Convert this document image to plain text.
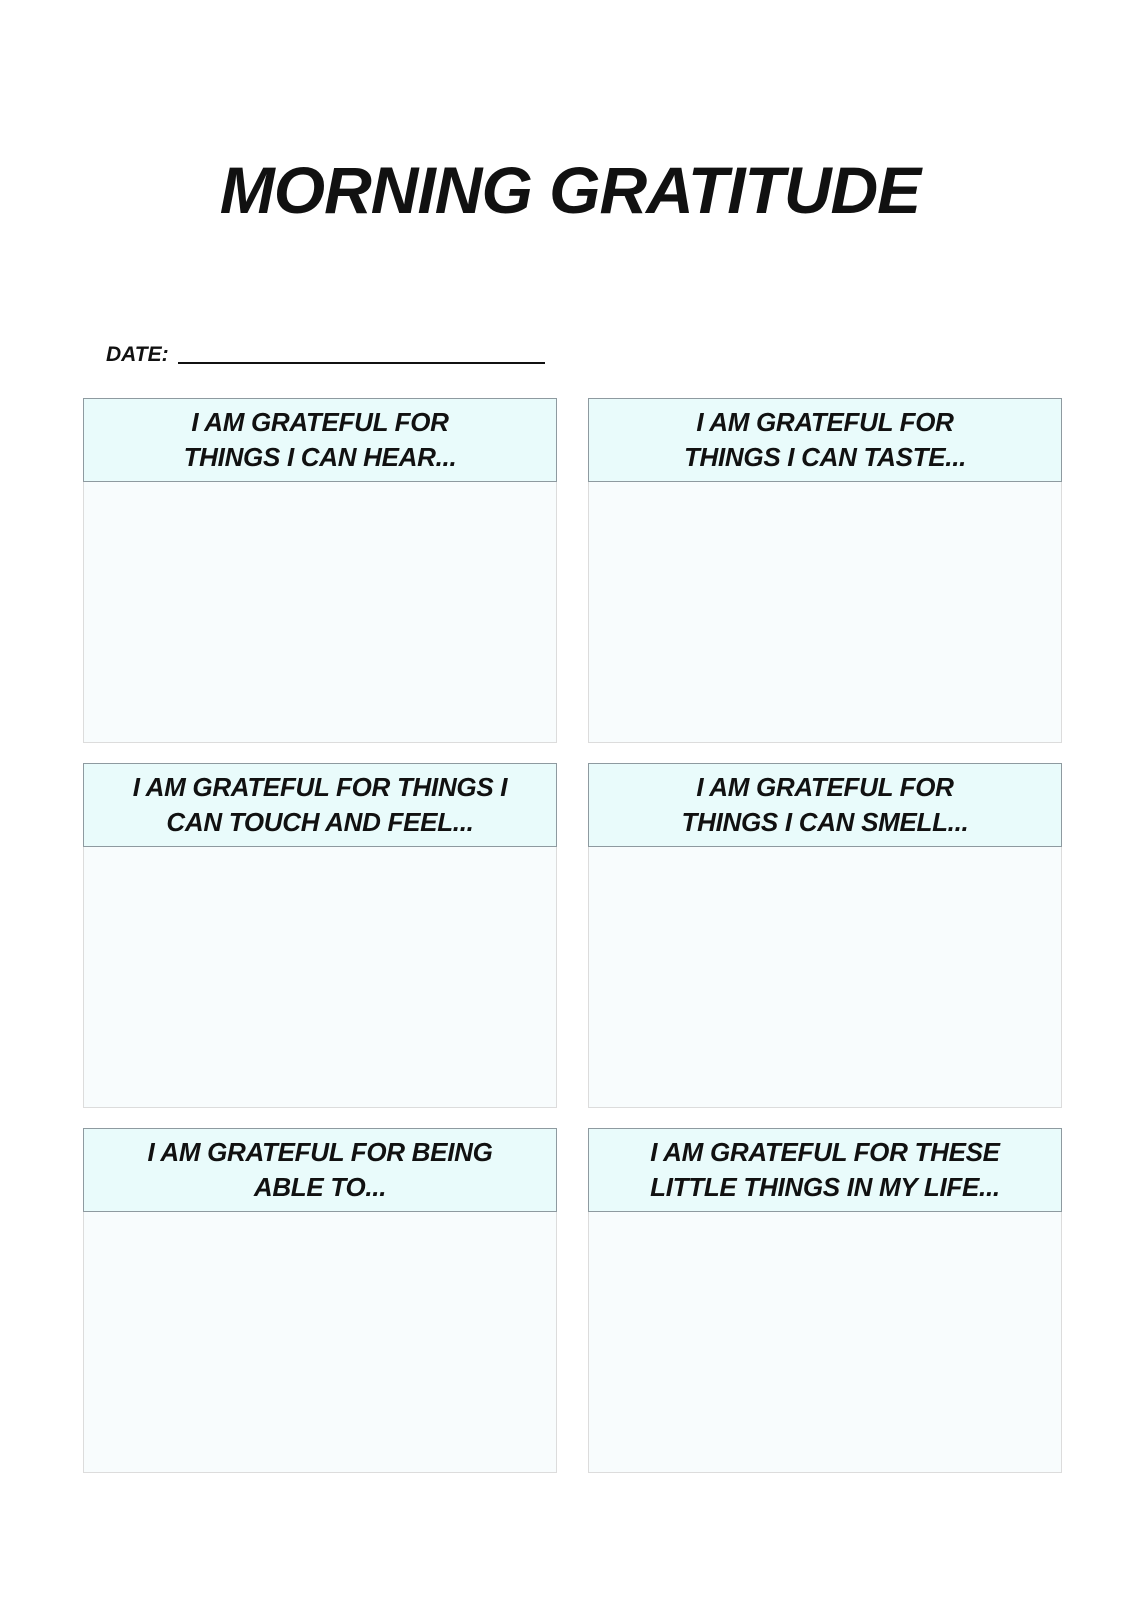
MORNING GRATITUDE
DATE:
I AM GRATEFUL FOR
THINGS I CAN HEAR...
I AM GRATEFUL FOR
THINGS I CAN TASTE...
I AM GRATEFUL FOR THINGS I
CAN TOUCH AND FEEL...
I AM GRATEFUL FOR
THINGS I CAN SMELL...
I AM GRATEFUL FOR BEING
ABLE TO...
I AM GRATEFUL FOR THESE
LITTLE THINGS IN MY LIFE...
